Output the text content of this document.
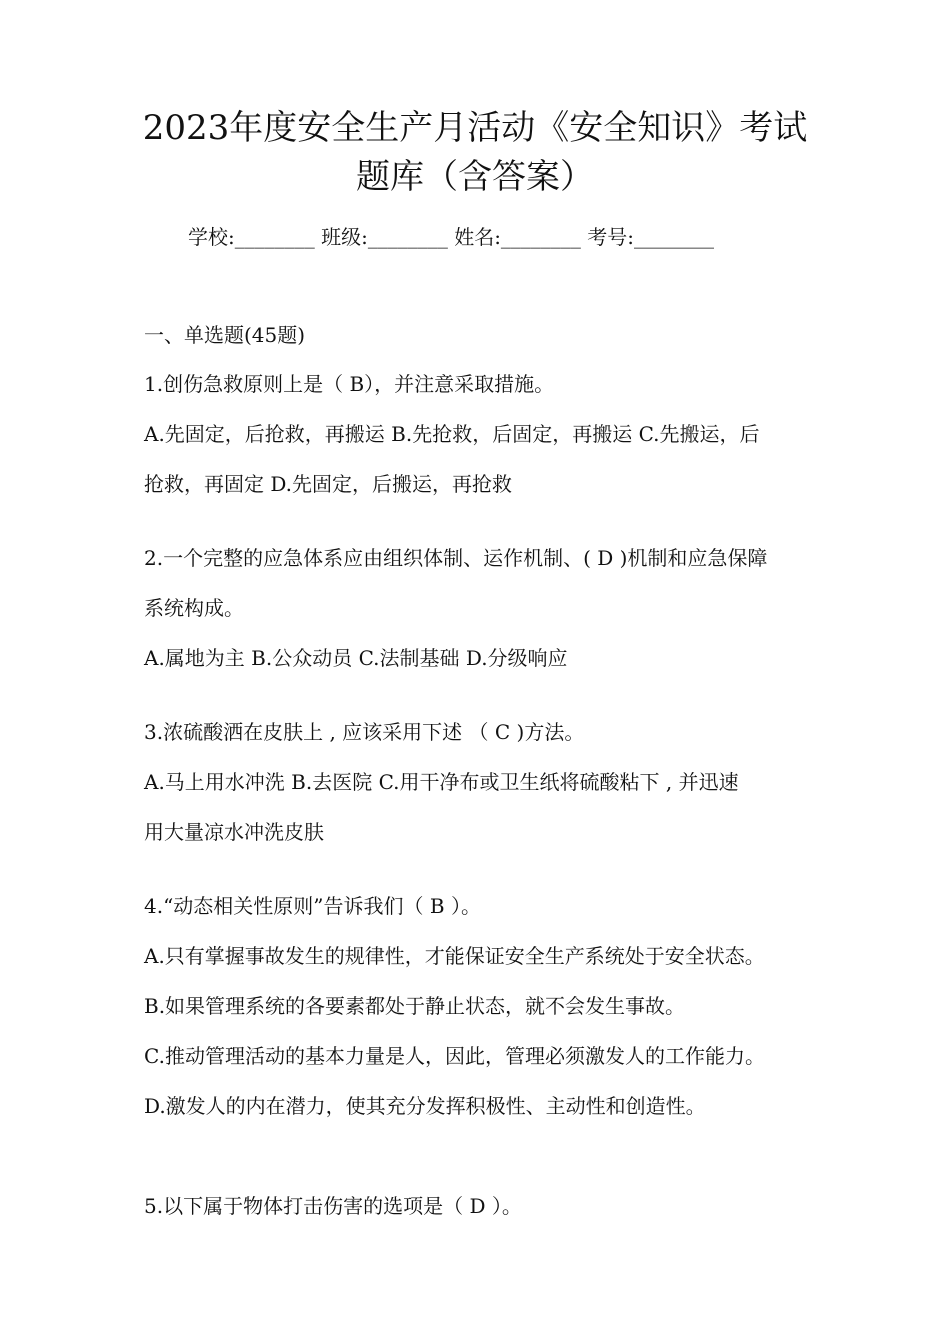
2023年度安全生产月活动《安全知识》考试
题库（含答案）
学校:________ 班级:________ 姓名:________ 考号:________
一、单选题(45题)
1.创伤急救原则上是（ B），并注意采取措施。
A.先固定，后抢救，再搬运 B.先抢救，后固定，再搬运 C.先搬运，后
抢救，再固定 D.先固定，后搬运，再抢救
2.一个完整的应急体系应由组织体制、运作机制、( D )机制和应急保障
系统构成。
A.属地为主 B.公众动员 C.法制基础 D.分级响应
3.浓硫酸洒在皮肤上 , 应该采用下述 （ C )方法。
A.马上用水冲洗 B.去医院 C.用干净布或卫生纸将硫酸粘下 , 并迅速
用大量凉水冲洗皮肤
4.“动态相关性原则”告诉我们（ B ）。
A.只有掌握事故发生的规律性，才能保证安全生产系统处于安全状态。
B.如果管理系统的各要素都处于静止状态，就不会发生事故。
C.推动管理活动的基本力量是人，因此，管理必须激发人的工作能力。
D.激发人的内在潜力，使其充分发挥积极性、主动性和创造性。
5.以下属于物体打击伤害的选项是（ D ）。
